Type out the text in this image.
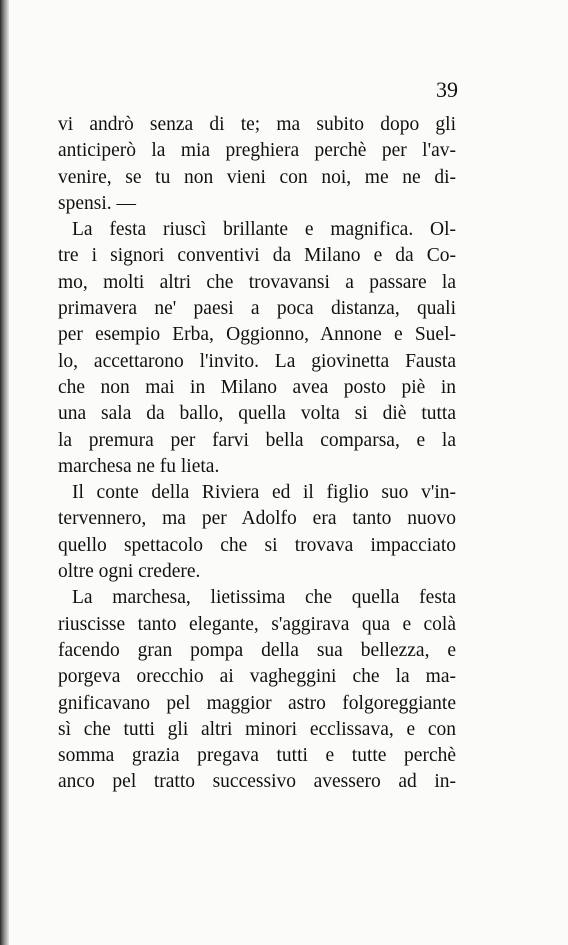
39
vi andrò senza di te; ma subito dopo gli
anticiperò la mia preghiera perchè per l'av-
venire, se tu non vieni con noi, me ne di-
spensi. —
La festa riuscì brillante e magnifica. Ol-
tre i signori conventivi da Milano e da Co-
mo, molti altri che trovavansi a passare la
primavera ne' paesi a poca distanza, quali
per esempio Erba, Oggionno, Annone e Suel-
lo, accettarono l'invito. La giovinetta Fausta
che non mai in Milano avea posto piè in
una sala da ballo, quella volta si diè tutta
la premura per farvi bella comparsa, e la
marchesa ne fu lieta.
Il conte della Riviera ed il figlio suo v'in-
tervennero, ma per Adolfo era tanto nuovo
quello spettacolo che si trovava impacciato
oltre ogni credere.
La marchesa, lietissima che quella festa
riuscisse tanto elegante, s'aggirava qua e colà
facendo gran pompa della sua bellezza, e
porgeva orecchio ai vagheggini che la ma-
gnificavano pel maggior astro folgoreggiante
sì che tutti gli altri minori ecclissava, e con
somma grazia pregava tutti e tutte perchè
anco pel tratto successivo avessero ad in-
